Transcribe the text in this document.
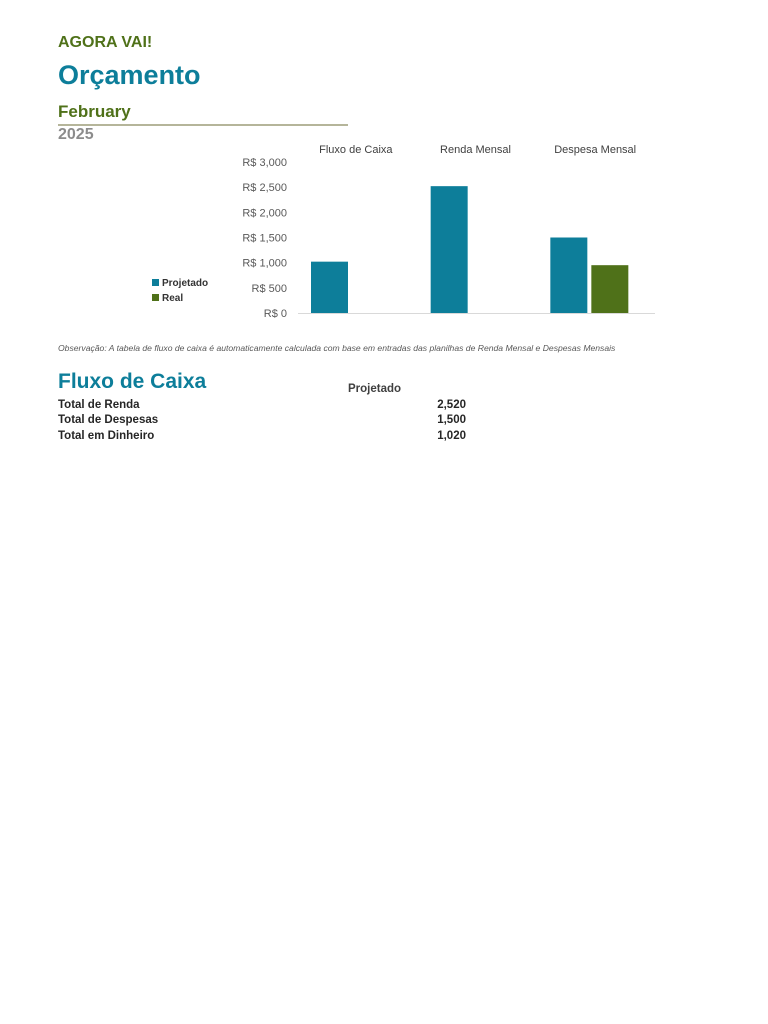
AGORA VAI!
Orçamento
February
2025
R$ 0
R$ 500
R$ 1,000
R$ 1,500
R$ 2,000
R$ 2,500
R$ 3,000
Fluxo de Caixa	Renda Mensal	Despesa Mensal
Projetado
Real
Observação: A tabela de fluxo de caixa é automaticamente calculada com base em entradas das planilhas de Renda Mensal e Despesas Mensais
Fluxo de Caixa	Projetado
Total de Renda	2,520
Total de Despesas	1,500
Total em Dinheiro	1,020
